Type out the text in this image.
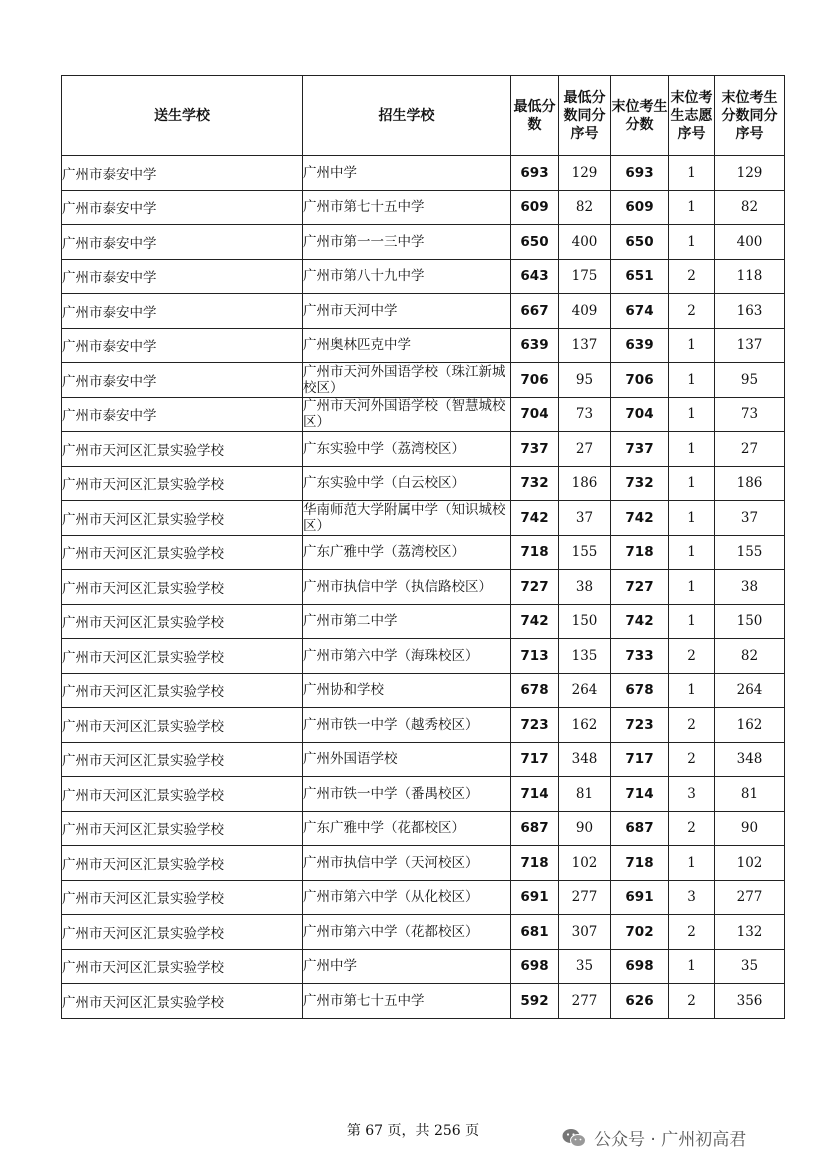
送生学校	招生学校	最低分数	最低分数同分序号	末位考生分数	末位考生志愿序号	末位考生分数同分序号
广州市泰安中学	广州中学	693	129	693	1	129
广州市泰安中学	广州市第七十五中学	609	82	609	1	82
广州市泰安中学	广州市第一一三中学	650	400	650	1	400
广州市泰安中学	广州市第八十九中学	643	175	651	2	118
广州市泰安中学	广州市天河中学	667	409	674	2	163
广州市泰安中学	广州奥林匹克中学	639	137	639	1	137
广州市泰安中学	广州市天河外国语学校（珠江新城校区）	706	95	706	1	95
广州市泰安中学	广州市天河外国语学校（智慧城校区）	704	73	704	1	73
广州市天河区汇景实验学校	广东实验中学（荔湾校区）	737	27	737	1	27
广州市天河区汇景实验学校	广东实验中学（白云校区）	732	186	732	1	186
广州市天河区汇景实验学校	华南师范大学附属中学（知识城校区）	742	37	742	1	37
广州市天河区汇景实验学校	广东广雅中学（荔湾校区）	718	155	718	1	155
广州市天河区汇景实验学校	广州市执信中学（执信路校区）	727	38	727	1	38
广州市天河区汇景实验学校	广州市第二中学	742	150	742	1	150
广州市天河区汇景实验学校	广州市第六中学（海珠校区）	713	135	733	2	82
广州市天河区汇景实验学校	广州协和学校	678	264	678	1	264
广州市天河区汇景实验学校	广州市铁一中学（越秀校区）	723	162	723	2	162
广州市天河区汇景实验学校	广州外国语学校	717	348	717	2	348
广州市天河区汇景实验学校	广州市铁一中学（番禺校区）	714	81	714	3	81
广州市天河区汇景实验学校	广东广雅中学（花都校区）	687	90	687	2	90
广州市天河区汇景实验学校	广州市执信中学（天河校区）	718	102	718	1	102
广州市天河区汇景实验学校	广州市第六中学（从化校区）	691	277	691	3	277
广州市天河区汇景实验学校	广州市第六中学（花都校区）	681	307	702	2	132
广州市天河区汇景实验学校	广州中学	698	35	698	1	35
广州市天河区汇景实验学校	广州市第七十五中学	592	277	626	2	356
第 67 页，共 256 页	公众号 · 广州初高君
